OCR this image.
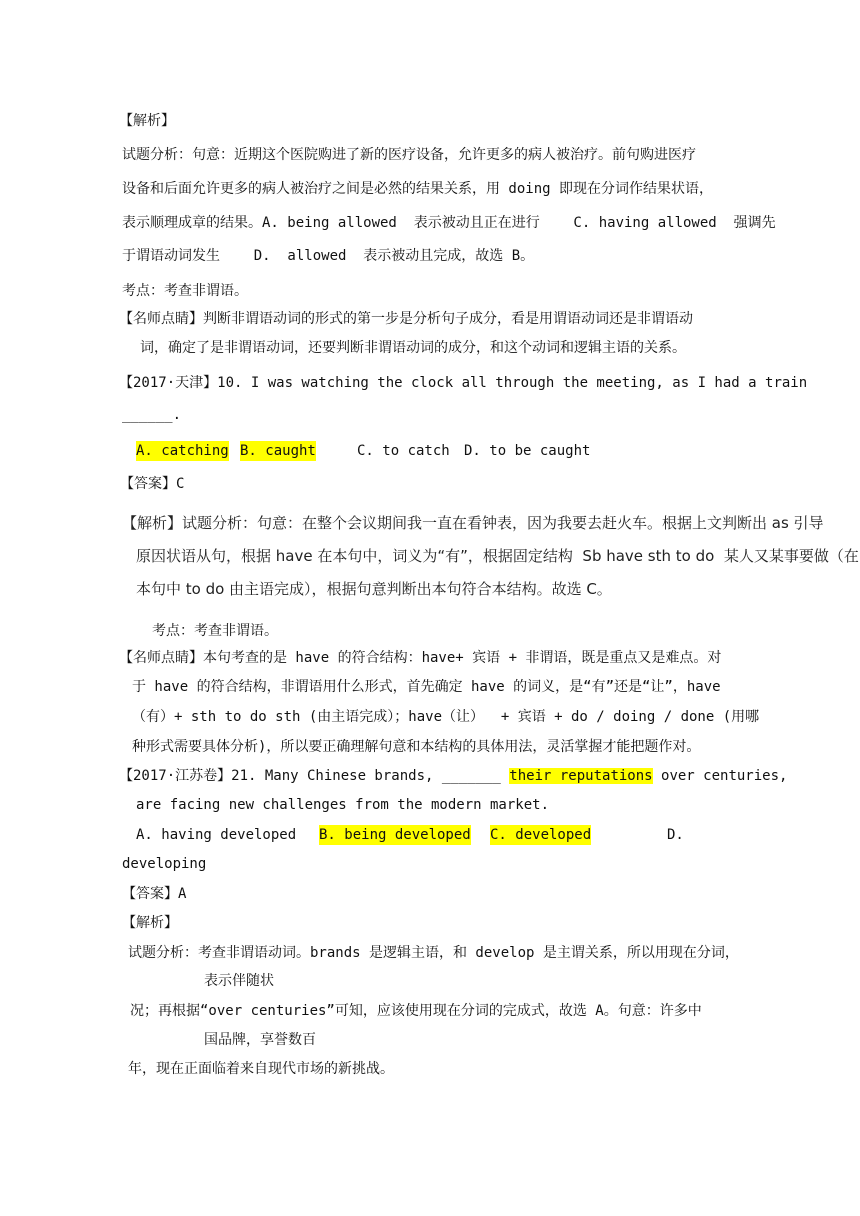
【解析】
试题分析：句意：近期这个医院购进了新的医疗设备，允许更多的病人被治疗。前句购进医疗
设备和后面允许更多的病人被治疗之间是必然的结果关系，用 doing 即现在分词作结果状语，
表示顺理成章的结果。A. being allowed  表示被动且正在进行    C. having allowed  强调先
于谓语动词发生    D.  allowed  表示被动且完成，故选 B。
考点：考查非谓语。
【名师点睛】判断非谓语动词的形式的第一步是分析句子成分，看是用谓语动词还是非谓语动
词，确定了是非谓语动词，还要判断非谓语动词的成分，和这个动词和逻辑主语的关系。
【2017·天津】10. I was watching the clock all through the meeting, as I had a train
______.
A. catching B. caught	C. to catch D. to be caught
【答案】C
【解析】试题分析：句意：在整个会议期间我一直在看钟表，因为我要去赶火车。根据上文判断出 as 引导
原因状语从句，根据 have 在本句中，词义为“有”，根据固定结构  Sb have sth to do  某人又某事要做（在
本句中 to do 由主语完成），根据句意判断出本句符合本结构。故选 C。
考点：考查非谓语。
【名师点睛】本句考查的是 have 的符合结构：have+ 宾语 + 非谓语，既是重点又是难点。对
于 have 的符合结构，非谓语用什么形式，首先确定 have 的词义，是“有”还是“让”，have
（有）+ sth to do sth (由主语完成）；have（让）  + 宾语 + do / doing / done (用哪
种形式需要具体分析)，所以要正确理解句意和本结构的具体用法，灵活掌握才能把题作对。
【2017·江苏卷】21. Many Chinese brands, _______ their reputations over centuries,
are facing new challenges from the modern market.
A. having developed B. being developed C. developed	D.
developing
【答案】A
【解析】
试题分析：考查非谓语动词。brands 是逻辑主语，和 develop 是主谓关系，所以用现在分词，
表示伴随状
况；再根据“over centuries”可知，应该使用现在分词的完成式，故选 A。句意：许多中
国品牌，享誉数百
年，现在正面临着来自现代市场的新挑战。
